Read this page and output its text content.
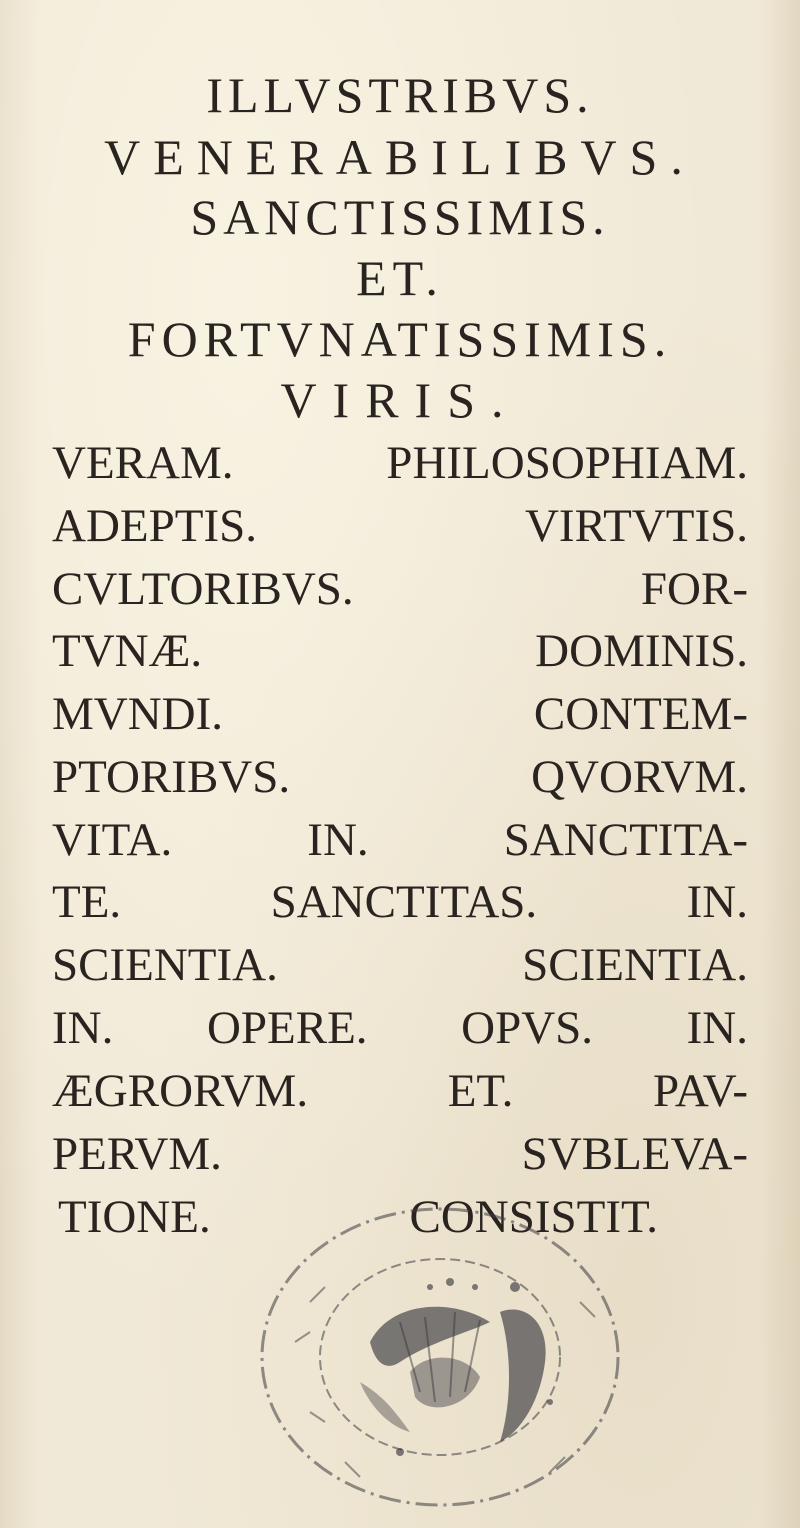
ILLVSTRIBVS.

VENERABILIBVS.

SANCTISSIMIS.

ET.

FORTVNATISSIMIS.

VIRIS.

VERAM. PHILOSOPHIAM.

ADEPTIS. VIRTVTIS.

CVLTORIBVS. FOR-

TVNÆ. DOMINIS.

MVNDI. CONTEM-

PTORIBVS. QVORVM.

VITA. IN. SANCTITA-

TE. SANCTITAS. IN.

SCIENTIA. SCIENTIA.

IN. OPERE. OPVS. IN.

ÆGRORVM. ET. PAV-

PERVM. SVBLEVA-

TIONE. CONSISTIT.
